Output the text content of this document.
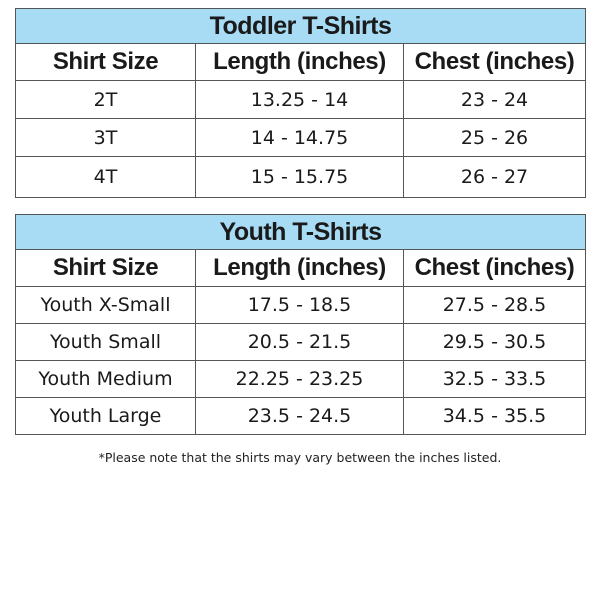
Toddler T-Shirts		
Shirt Size	Length (inches)	Chest (inches)
2T	13.25 - 14	23 - 24
3T	14 - 14.75	25 - 26
4T	15 - 15.75	26 - 27
Youth T-Shirts		
Shirt Size	Length (inches)	Chest (inches)
Youth X-Small	17.5 - 18.5	27.5 - 28.5
Youth Small	20.5 - 21.5	29.5 - 30.5
Youth Medium	22.25 - 23.25	32.5 - 33.5
Youth Large	23.5 - 24.5	34.5 - 35.5
*Please note that the shirts may vary between the inches listed.
